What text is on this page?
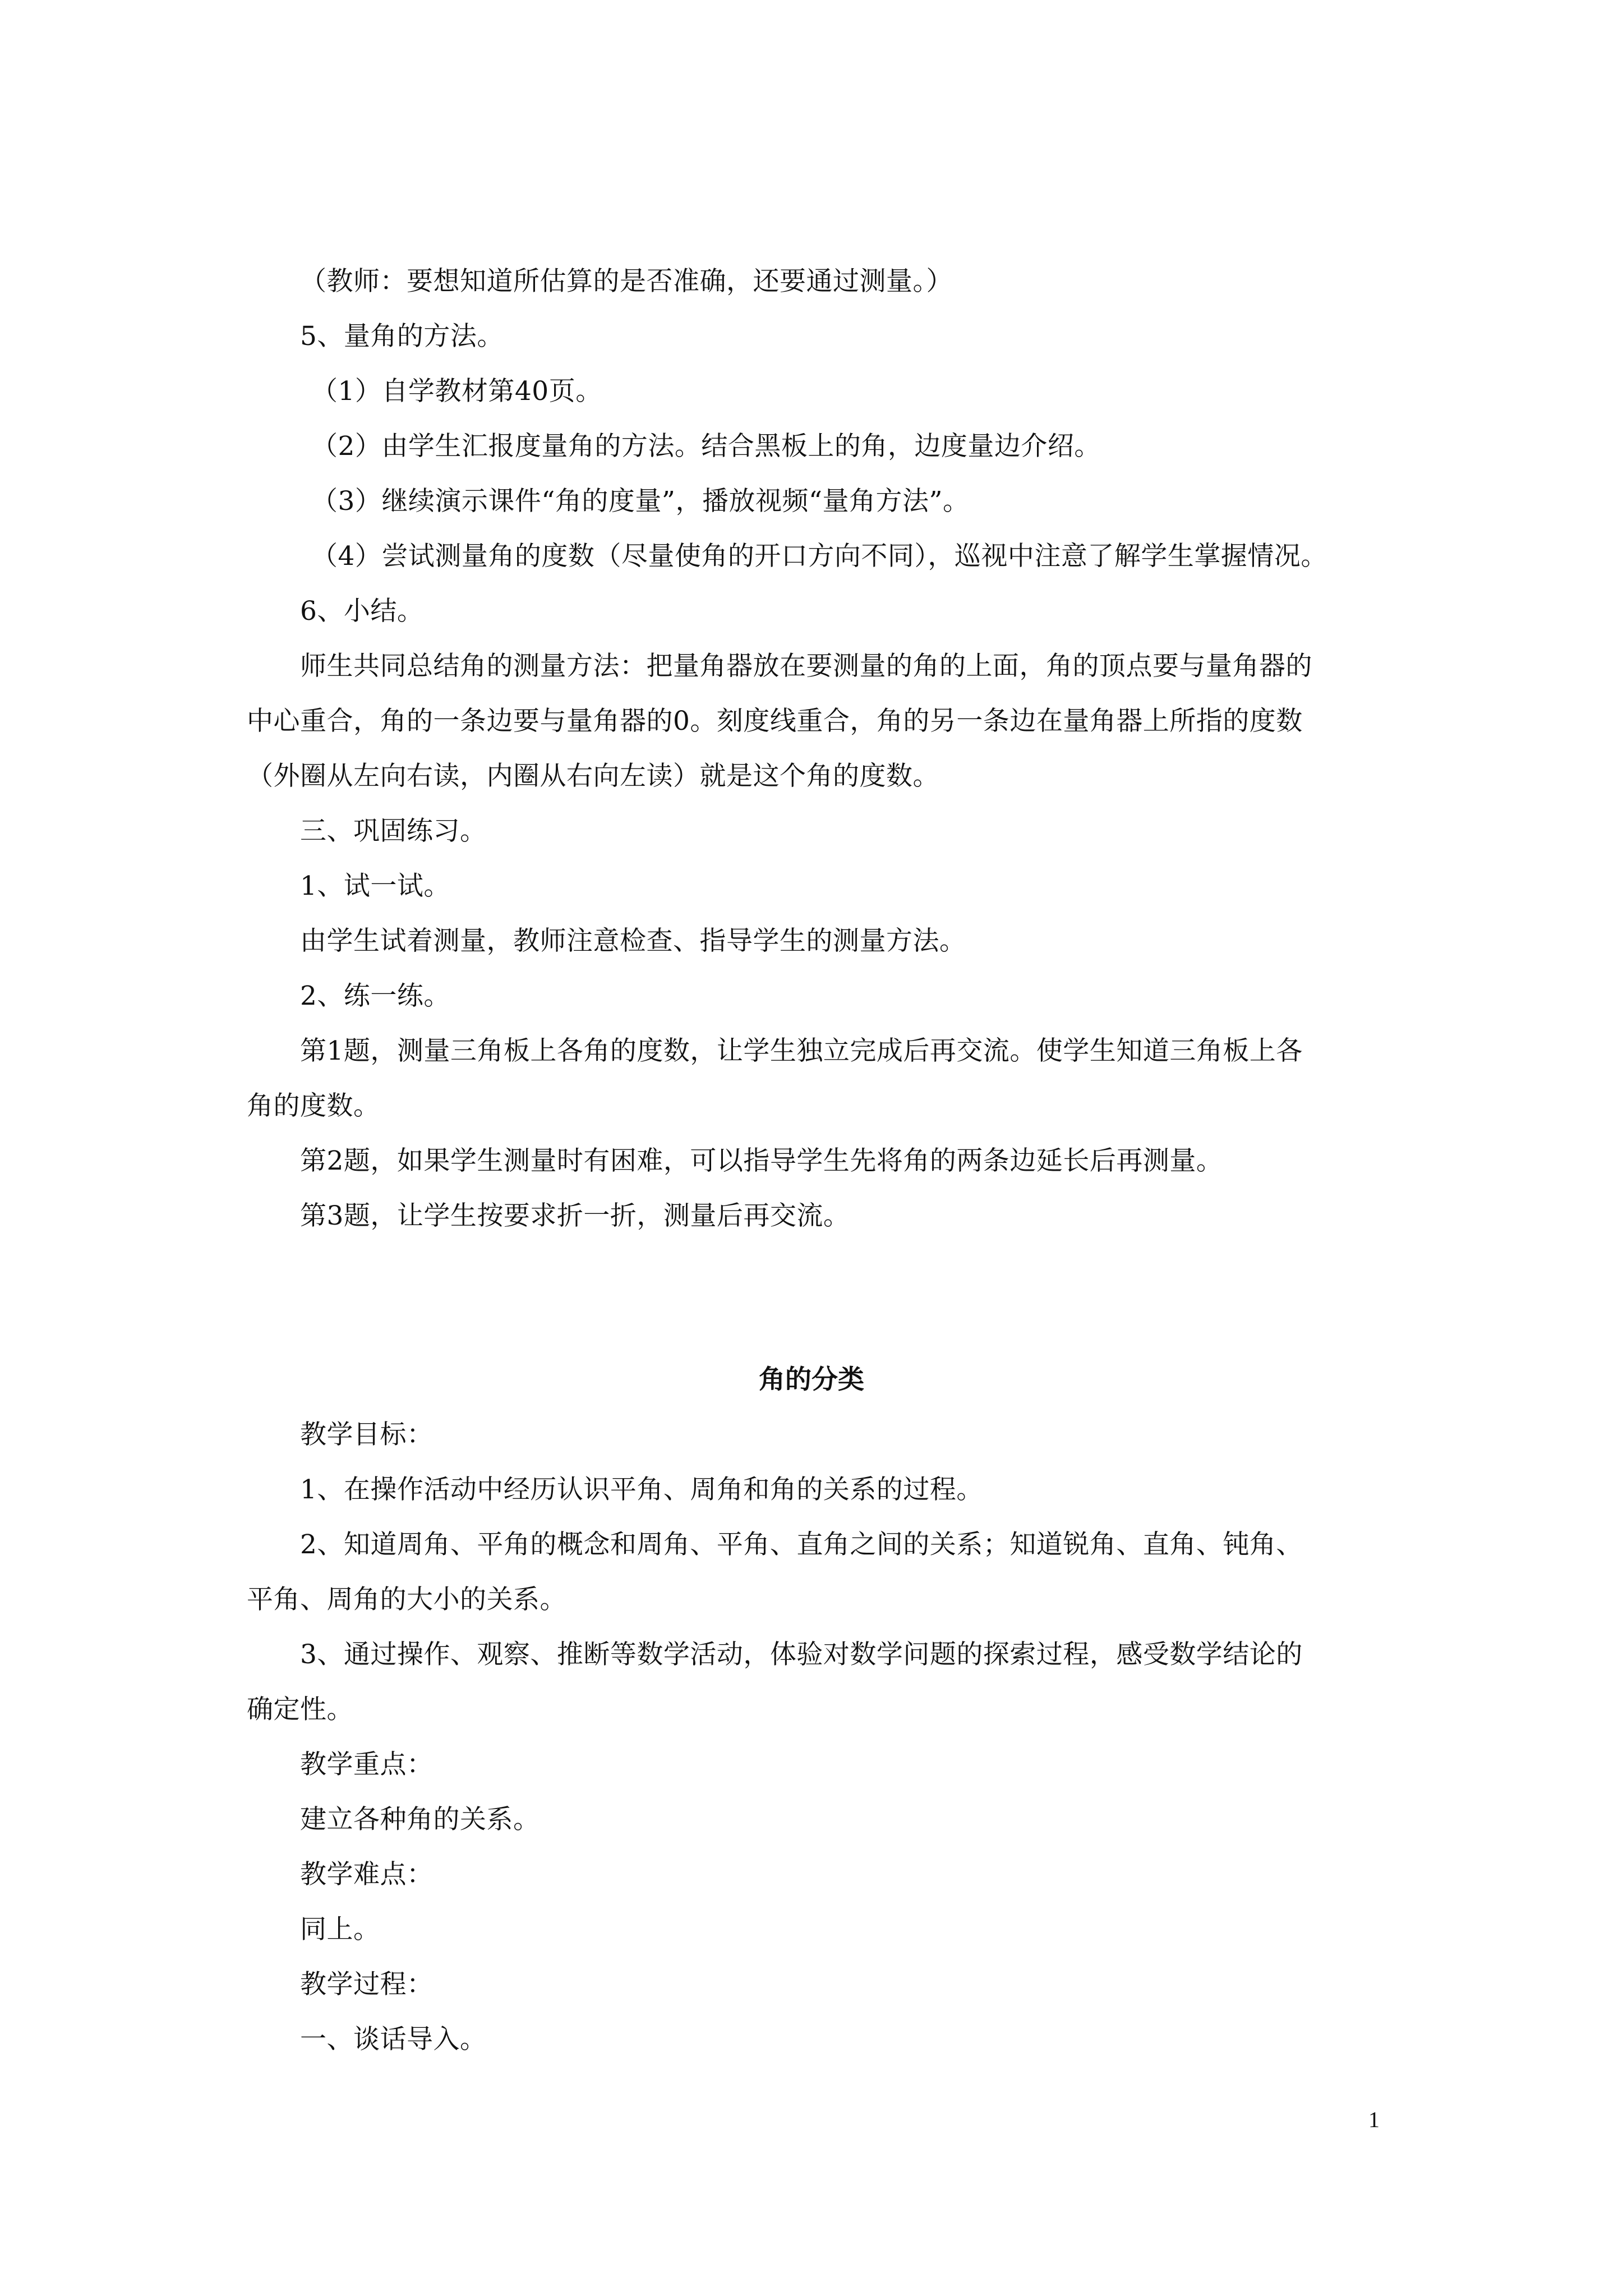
（教师：要想知道所估算的是否准确，还要通过测量。）

5、量角的方法。

（1）自学教材第40页。

（2）由学生汇报度量角的方法。结合黑板上的角，边度量边介绍。

（3）继续演示课件“角的度量”，播放视频“量角方法”。

（4）尝试测量角的度数（尽量使角的开口方向不同），巡视中注意了解学生掌握情况。

6、小结。

师生共同总结角的测量方法：把量角器放在要测量的角的上面，角的顶点要与量角器的

中心重合，角的一条边要与量角器的0。刻度线重合，角的另一条边在量角器上所指的度数

（外圈从左向右读，内圈从右向左读）就是这个角的度数。

三、巩固练习。

1、试一试。

由学生试着测量，教师注意检查、指导学生的测量方法。

2、练一练。

第1题，测量三角板上各角的度数，让学生独立完成后再交流。使学生知道三角板上各

角的度数。

第2题，如果学生测量时有困难，可以指导学生先将角的两条边延长后再测量。

第3题，让学生按要求折一折，测量后再交流。

角的分类

教学目标：

1、在操作活动中经历认识平角、周角和角的关系的过程。

2、知道周角、平角的概念和周角、平角、直角之间的关系；知道锐角、直角、钝角、

平角、周角的大小的关系。

3、通过操作、观察、推断等数学活动，体验对数学问题的探索过程，感受数学结论的

确定性。

教学重点：

建立各种角的关系。

教学难点：

同上。

教学过程：

一、谈话导入。

1
